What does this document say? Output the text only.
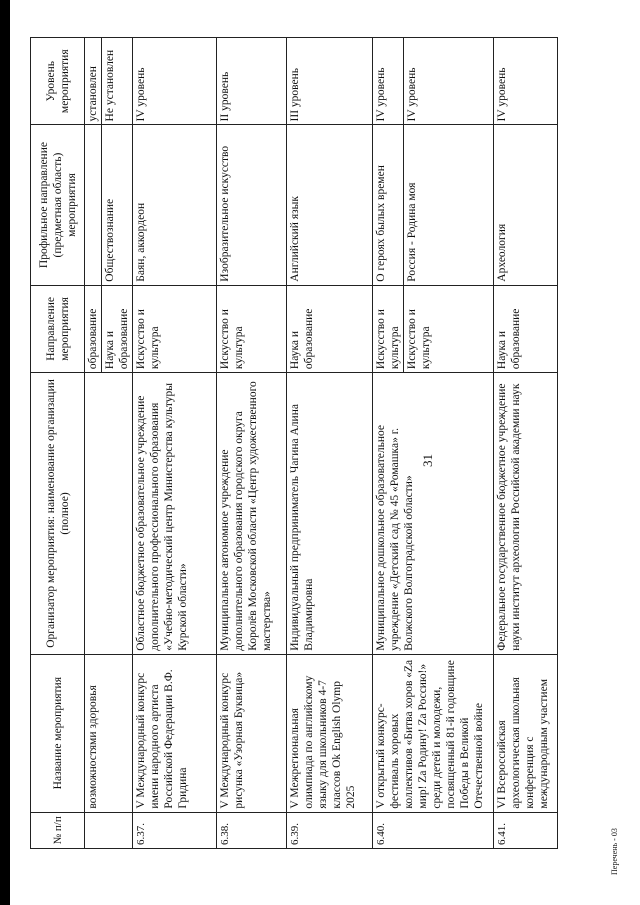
31
№ п/п	Название мероприятия	Организатор мероприятия: наименование организации (полное)	Направление мероприятия	Профильное направление (предметная область) мероприятия	Уровень мероприятия
	возможностями здоровья		образование		установлен
			Наука и образование	Обществознание	Не установлен
6.37.	V Международный конкурс имени народного артиста Российской Федерации В.Ф. Гридина	Областное бюджетное образовательное учреждение дополнительного профессионального образования «Учебно-методический центр Министерства культуры Курской области»	Искусство и культура	Баян, аккордеон	IV уровень
6.38.	V Международный конкурс рисунка «Узорная Буквица»	Муниципальное автономное учреждение дополнительного образования городского округа Королёв Московской области «Центр художественного мастерства»	Искусство и культура	Изобразительное искусство	II уровень
6.39.	V Межрегиональная олимпиада по английскому языку для школьников 4-7 классов Ok English Olymp 2025	Индивидуальный предприниматель Чагина Алина Владимировна	Наука и образование	Английский язык	III уровень
6.40.	V открытый конкурс-фестиваль хоровых коллективов «Битва хоров «Za мир! Za Родину! Za Россию!» среди детей и молодежи, посвященный 81-й годовщине Победы в Великой Отечественной войне	Муниципальное дошкольное образовательное учреждение «Детский сад № 45 «Ромашка» г. Волжского Волгоградской области»	Искусство и культура	О героях былых времен	IV уровень
			Искусство и культура	Россия - Родина моя	IV уровень
6.41.	VI Всероссийская археологическая школьная конференция с международным участием	Федеральное государственное бюджетное учреждение науки институт археологии Российской академии наук	Наука и образование	Археология	IV уровень
Перечень - 03
